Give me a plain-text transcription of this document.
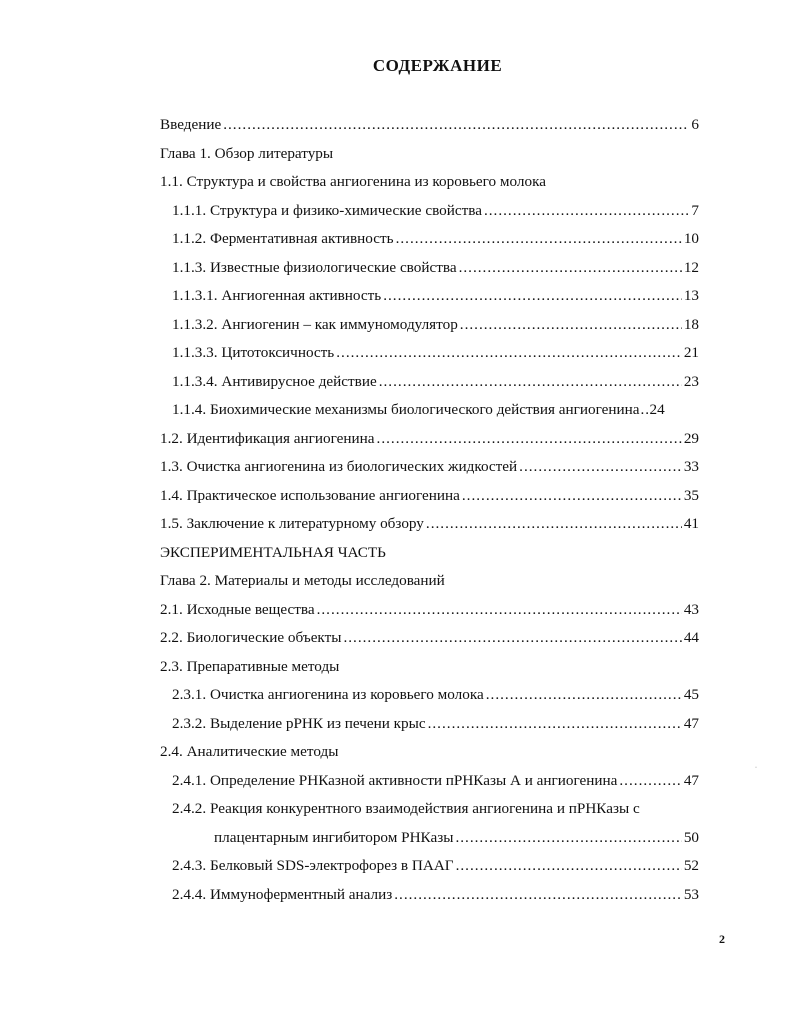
СОДЕРЖАНИЕ
Введение . . .	6
Глава 1. Обзор литературы
1.1. Структура и свойства ангиогенина из коровьего молока
1.1.1. Структура и физико-химические свойства . . .	7
1.1.2. Ферментативная активность . . .	10
1.1.3. Известные физиологические свойства . . .	12
1.1.3.1. Ангиогенная активность . . .	13
1.1.3.2. Ангиогенин – как иммуномодулятор . . .	18
1.1.3.3. Цитотоксичность . . .	21
1.1.3.4. Антивирусное действие . . .	23
1.1.4. Биохимические механизмы биологического действия ангиогенина . . . 24
1.2. Идентификация ангиогенина . . .	29
1.3. Очистка ангиогенина из биологических жидкостей . . .	33
1.4. Практическое использование ангиогенина . . .	35
1.5. Заключение к литературному обзору . . .	41
ЭКСПЕРИМЕНТАЛЬНАЯ ЧАСТЬ
Глава 2. Материалы и методы исследований
2.1. Исходные вещества . . .	43
2.2. Биологические объекты . . .	44
2.3. Препаративные методы
2.3.1. Очистка ангиогенина из коровьего молока . . .	45
2.3.2. Выделение рРНК из печени крыс . . .	47
2.4. Аналитические методы
2.4.1. Определение РНКазной активности пРНКазы А и ангиогенина . . .	47
2.4.2. Реакция конкурентного взаимодействия ангиогенина и пРНКазы с
плацентарным ингибитором РНКазы . . .	50
2.4.3. Белковый SDS-электрофорез в ПААГ . . .	52
2.4.4. Иммуноферментный анализ . . .	53
·
2
